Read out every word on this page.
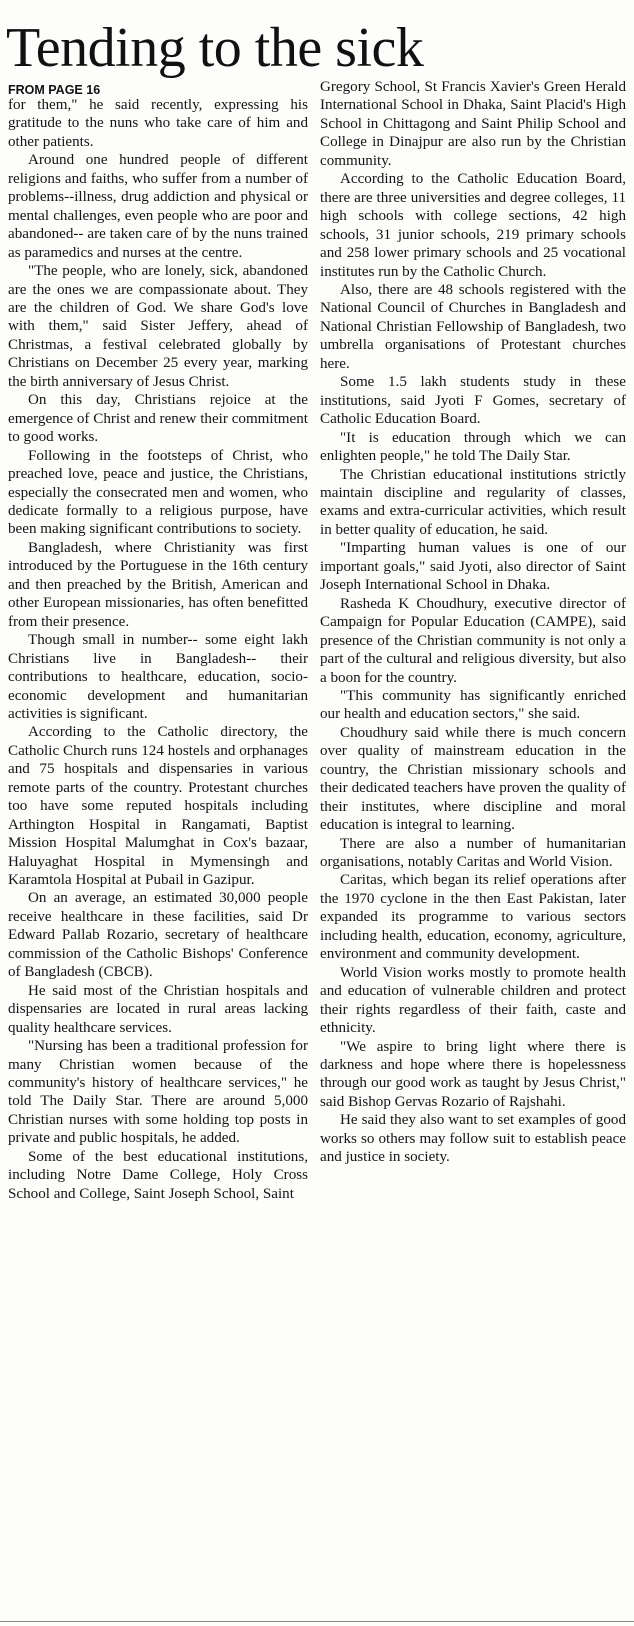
Tending to the sick
FROM PAGE 16

for them," he said recently, expressing his gratitude to the nuns who take care of him and other patients.

Around one hundred people of different religions and faiths, who suffer from a number of problems--illness, drug addiction and physical or mental challenges, even people who are poor and abandoned-- are taken care of by the nuns trained as paramedics and nurses at the centre.

"The people, who are lonely, sick, abandoned are the ones we are compassionate about. They are the children of God. We share God's love with them," said Sister Jeffery, ahead of Christmas, a festival celebrated globally by Christians on December 25 every year, marking the birth anniversary of Jesus Christ.

On this day, Christians rejoice at the emergence of Christ and renew their commitment to good works.

Following in the footsteps of Christ, who preached love, peace and justice, the Christians, especially the consecrated men and women, who dedicate formally to a religious purpose, have been making significant contributions to society.

Bangladesh, where Christianity was first introduced by the Portuguese in the 16th century and then preached by the British, American and other European missionaries, has often benefitted from their presence.

Though small in number-- some eight lakh Christians live in Bangladesh-- their contributions to healthcare, education, socio-economic development and humanitarian activities is significant.

According to the Catholic directory, the Catholic Church runs 124 hostels and orphanages and 75 hospitals and dispensaries in various remote parts of the country. Protestant churches too have some reputed hospitals including Arthington Hospital in Rangamati, Baptist Mission Hospital Malumghat in Cox's bazaar, Haluyaghat Hospital in Mymensingh and Karamtola Hospital at Pubail in Gazipur.

On an average, an estimated 30,000 people receive healthcare in these facilities, said Dr Edward Pallab Rozario, secretary of healthcare commission of the Catholic Bishops' Conference of Bangladesh (CBCB).

He said most of the Christian hospitals and dispensaries are located in rural areas lacking quality healthcare services.

"Nursing has been a traditional profession for many Christian women because of the community's history of healthcare services," he told The Daily Star. There are around 5,000 Christian nurses with some holding top posts in private and public hospitals, he added.

Some of the best educational institutions, including Notre Dame College, Holy Cross School and College, Saint Joseph School, Saint

Gregory School, St Francis Xavier's Green Herald International School in Dhaka, Saint Placid's High School in Chittagong and Saint Philip School and College in Dinajpur are also run by the Christian community.

According to the Catholic Education Board, there are three universities and degree colleges, 11 high schools with college sections, 42 high schools, 31 junior schools, 219 primary schools and 258 lower primary schools and 25 vocational institutes run by the Catholic Church.

Also, there are 48 schools registered with the National Council of Churches in Bangladesh and National Christian Fellowship of Bangladesh, two umbrella organisations of Protestant churches here.

Some 1.5 lakh students study in these institutions, said Jyoti F Gomes, secretary of Catholic Education Board.

"It is education through which we can enlighten people," he told The Daily Star.

The Christian educational institutions strictly maintain discipline and regularity of classes, exams and extra-curricular activities, which result in better quality of education, he said.

"Imparting human values is one of our important goals," said Jyoti, also director of Saint Joseph International School in Dhaka.

Rasheda K Choudhury, executive director of Campaign for Popular Education (CAMPE), said presence of the Christian community is not only a part of the cultural and religious diversity, but also a boon for the country.

"This community has significantly enriched our health and education sectors," she said.

Choudhury said while there is much concern over quality of mainstream education in the country, the Christian missionary schools and their dedicated teachers have proven the quality of their institutes, where discipline and moral education is integral to learning.

There are also a number of humanitarian organisations, notably Caritas and World Vision.

Caritas, which began its relief operations after the 1970 cyclone in the then East Pakistan, later expanded its programme to various sectors including health, education, economy, agriculture, environment and community development.

World Vision works mostly to promote health and education of vulnerable children and protect their rights regardless of their faith, caste and ethnicity.

"We aspire to bring light where there is darkness and hope where there is hopelessness through our good work as taught by Jesus Christ," said Bishop Gervas Rozario of Rajshahi.

He said they also want to set examples of good works so others may follow suit to establish peace and justice in society.
